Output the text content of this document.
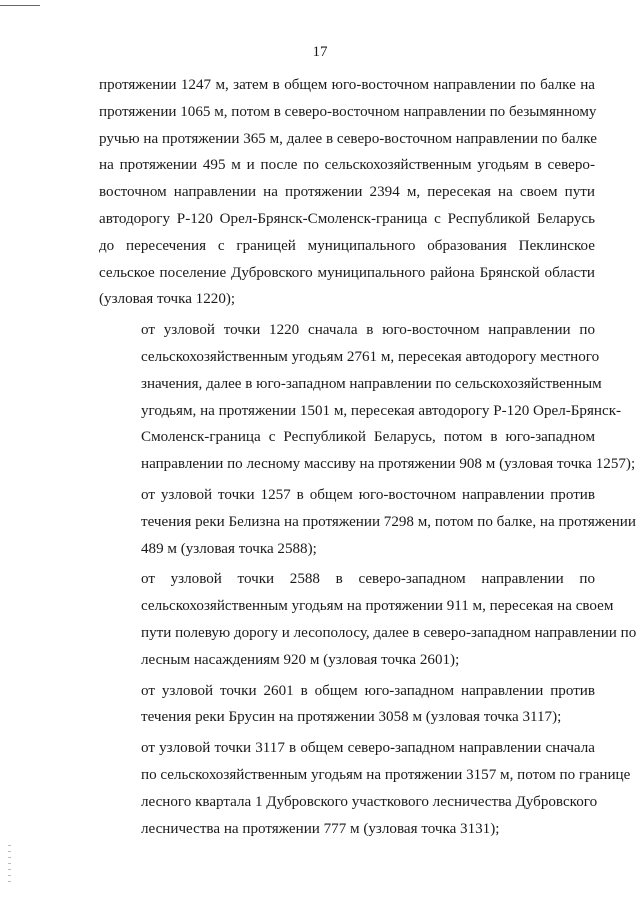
17

протяжении 1247 м, затем в общем юго-восточном направлении по балке на
протяжении 1065 м, потом в северо-восточном направлении по безымянному
ручью на протяжении 365 м, далее в северо-восточном направлении по балке
на протяжении 495 м и после по сельскохозяйственным угодьям в северо-
восточном направлении на протяжении 2394 м, пересекая на своем пути
автодорогу Р-120 Орел-Брянск-Смоленск-граница с Республикой Беларусь
до пересечения с границей муниципального образования Пеклинское
сельское поселение Дубровского муниципального района Брянской области
(узловая точка 1220);

от узловой точки 1220 сначала в юго-восточном направлении по
сельскохозяйственным угодьям 2761 м, пересекая автодорогу местного
значения, далее в юго-западном направлении по сельскохозяйственным
угодьям, на протяжении 1501 м, пересекая автодорогу Р-120 Орел-Брянск-
Смоленск-граница с Республикой Беларусь, потом в юго-западном
направлении по лесному массиву на протяжении 908 м (узловая точка 1257);

от узловой точки 1257 в общем юго-восточном направлении против
течения реки Белизна на протяжении 7298 м, потом по балке, на протяжении
489 м (узловая точка 2588);

от узловой точки 2588 в северо-западном направлении по
сельскохозяйственным угодьям на протяжении 911 м, пересекая на своем
пути полевую дорогу и лесополосу, далее в северо-западном направлении по
лесным насаждениям 920 м (узловая точка 2601);

от узловой точки 2601 в общем юго-западном направлении против
течения реки Брусин на протяжении 3058 м (узловая точка 3117);

от узловой точки 3117 в общем северо-западном направлении сначала
по сельскохозяйственным угодьям на протяжении 3157 м, потом по границе
лесного квартала 1 Дубровского участкового лесничества Дубровского
лесничества на протяжении 777 м (узловая точка 3131);
